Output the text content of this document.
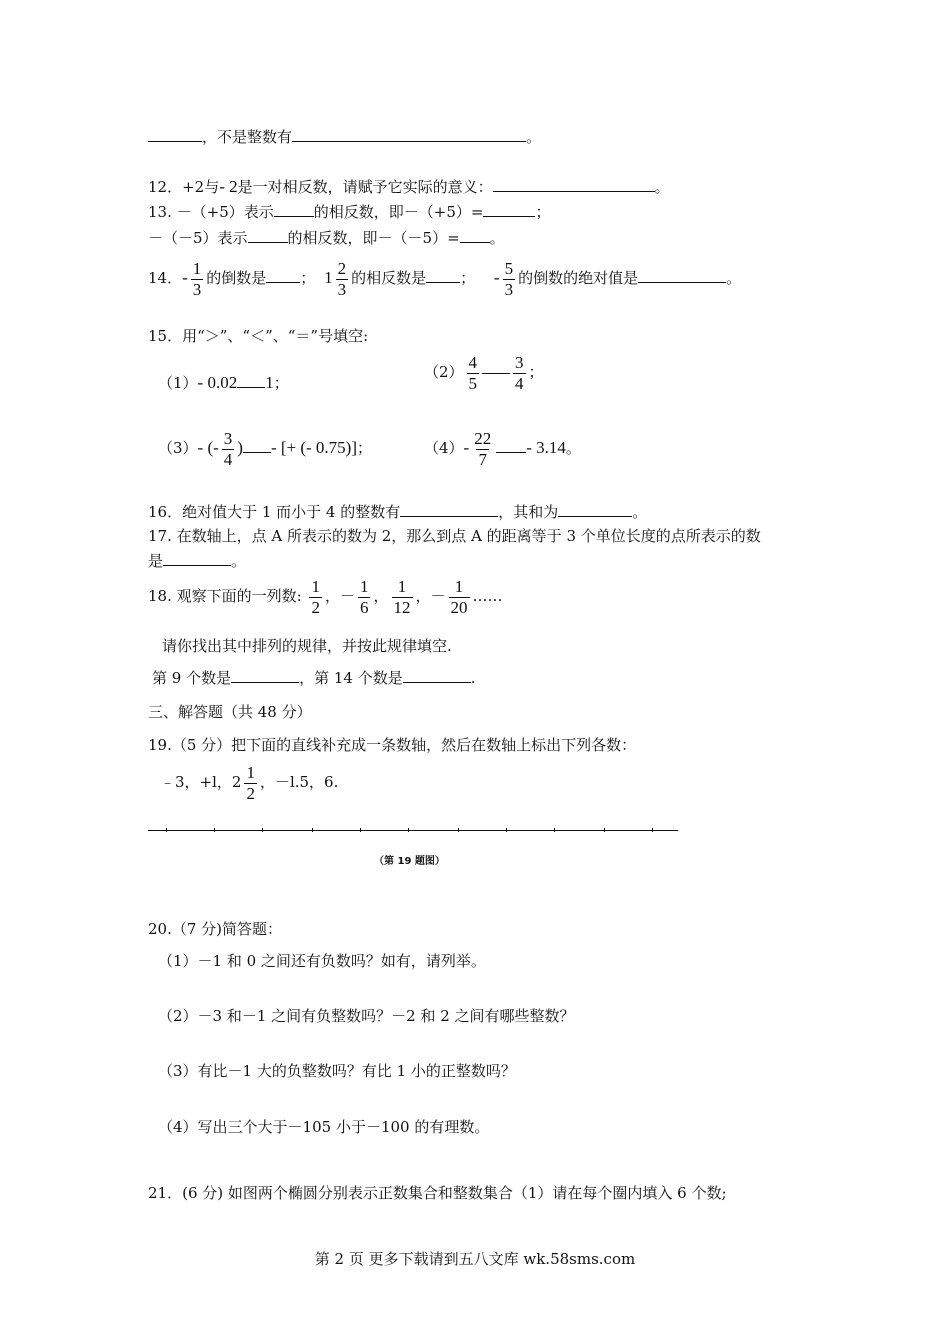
，不是整数有	。
12．+2与- 2是一对相反数，请赋予它实际的意义：	。
13. －（+5）表示	的相反数，即－（+5）=	；
－（－5）表示	的相反数，即－（－5）= 。
14．- $\frac{1}{3}$ 的倒数是 ； $1 \frac{2}{3}$ 的相反数是 ； - $\frac{5}{3}$ 的倒数的绝对值是	。
15．用“＞”、“＜”、“＝”号填空:
（1）- 0.02 1；
$(2) \frac{4}{5} \frac{3}{4}$ ；
（3）- (- $\frac{3}{4}$ ) - [+ (- 0.75)]；	$(4)- \frac{22}{7} - 3.14$。
16．绝对值大于 1 而小于 4 的整数有	，其和为	。
17. 在数轴上，点 A 所表示的数为 2，那么到点 A 的距离等于 3 个单位长度的点所表示的数
是	。
18. 观察下面的一列数: $\frac{1}{2}$ ，－ $\frac{1}{6}$ ， $\frac{1}{12}$ ，－ $\frac{1}{20}$ ……
请你找出其中排列的规律，并按此规律填空.
第 9 个数是	，第 14 个数是	.
三、解答题（共 48 分）
19.（5 分）把下面的直线补充成一条数轴，然后在数轴上标出下列各数：
﹣3，+l，$2 \frac{1}{2}$ ，－l.5，6.
（第 19 题图）
20.（7 分)简答题：
（1）－1 和 0 之间还有负数吗？如有，请列举。
（2）－3 和－1 之间有负整数吗？－2 和 2 之间有哪些整数？
（3）有比－1 大的负整数吗？有比 1 小的正整数吗？
（4）写出三个大于－105 小于－100 的有理数。
21．(6 分) 如图两个椭圆分别表示正数集合和整数集合（1）请在每个圈内填入 6 个数;
第 2 页 更多下载请到五八文库 wk.58sms.com
